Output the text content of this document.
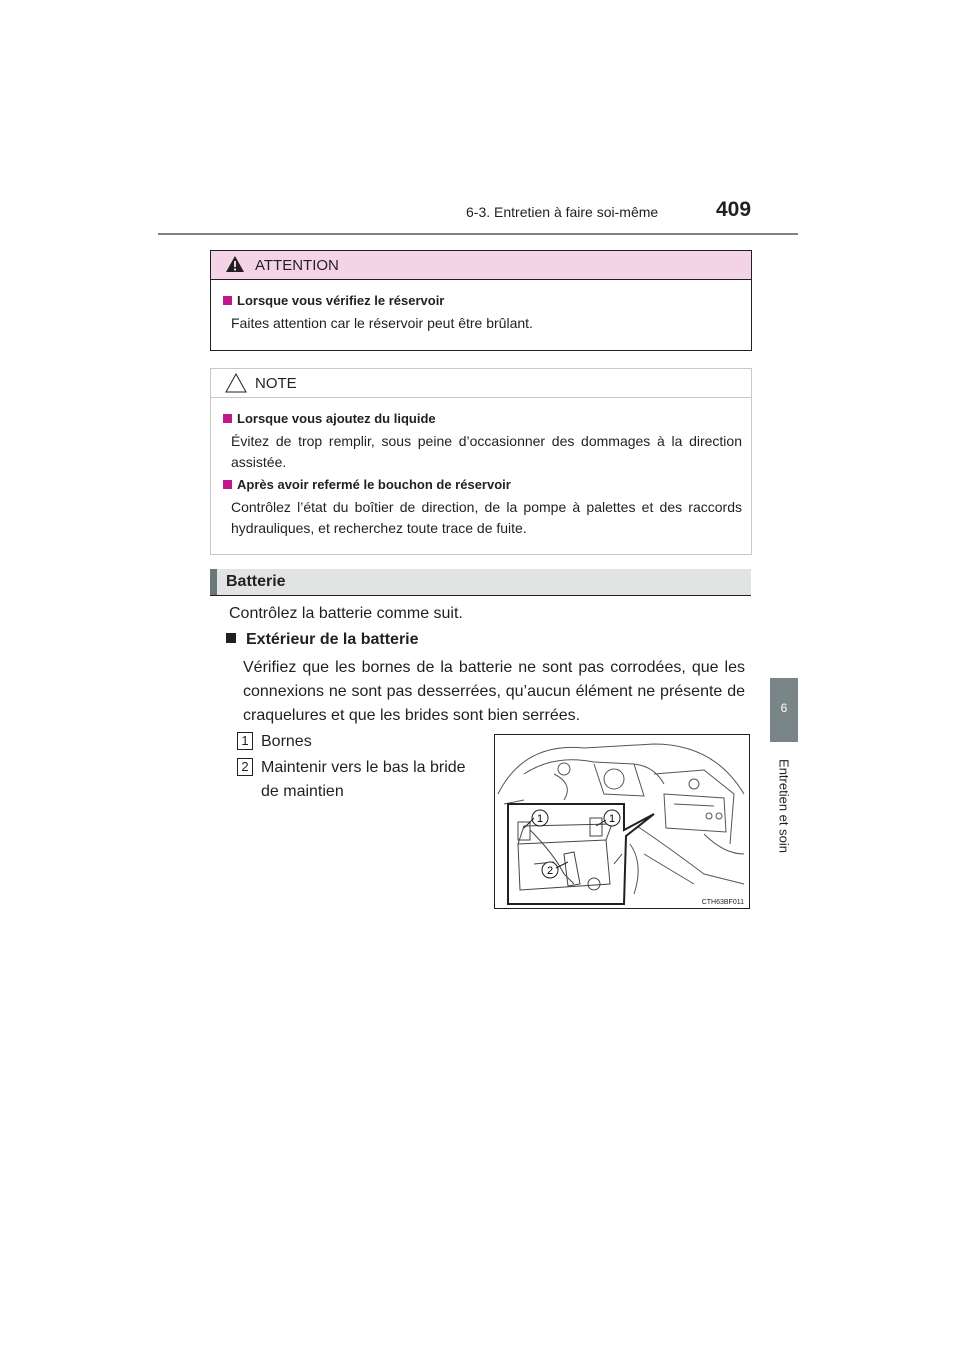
6-3. Entretien à faire soi-même	409
6
Entretien et soin
ATTENTION
Lorsque vous vérifiez le réservoir
Faites attention car le réservoir peut être brûlant.
NOTE
Lorsque vous ajoutez du liquide
Évitez de trop remplir, sous peine d’occasionner des dommages à la direction assistée.
Après avoir refermé le bouchon de réservoir
Contrôlez l’état du boîtier de direction, de la pompe à palettes et des raccords hydrauliques, et recherchez toute trace de fuite.
Batterie
Contrôlez la batterie comme suit.
Extérieur de la batterie
Vérifiez que les bornes de la batterie ne sont pas corrodées, que les connexions ne sont pas desserrées, qu’aucun élément ne présente de craquelures et que les brides sont bien serrées.
1 Bornes
2 Maintenir vers le bas la bride de maintien
1	1
2
CTH63BF011
